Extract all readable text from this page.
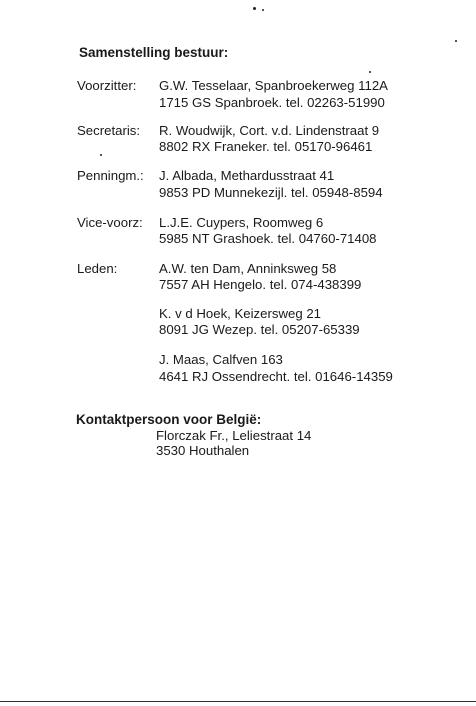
Samenstelling bestuur:
Voorzitter: G.W. Tesselaar, Spanbroekerweg 112A
1715 GS Spanbroek. tel. 02263-51990
Secretaris: R. Woudwijk, Cort. v.d. Lindenstraat 9
8802 RX Franeker. tel. 05170-96461
Penningm.: J. Albada, Methardusstraat 41
9853 PD Munnekezijl. tel. 05948-8594
Vice-voorz: L.J.E. Cuypers, Roomweg 6
5985 NT Grashoek. tel. 04760-71408
Leden:	A.W. ten Dam, Anninksweg 58
7557 AH Hengelo. tel. 074-438399
K. v d Hoek, Keizersweg 21
8091 JG Wezep. tel. 05207-65339
J. Maas, Calfven 163
4641 RJ Ossendrecht. tel. 01646-14359
Kontaktpersoon voor België:
Florczak Fr., Leliestraat 14
3530 Houthalen
